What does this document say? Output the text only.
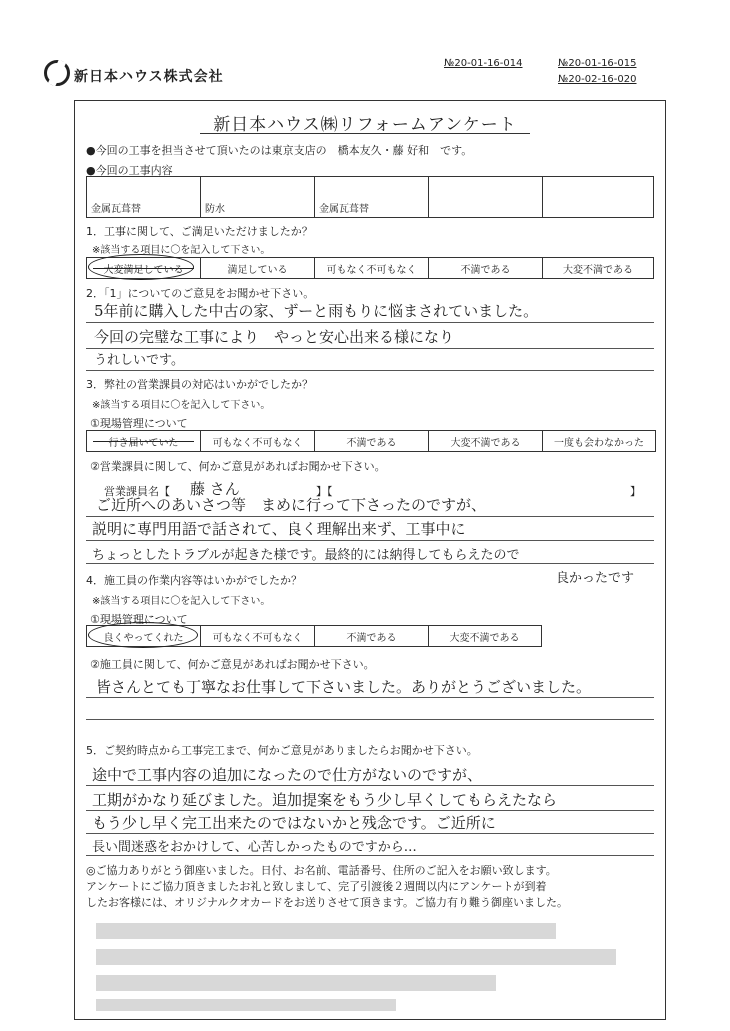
新日本ハウス株式会社
№20-01-16-014	№20-01-16-015
№20-02-16-020
新日本ハウス㈱リフォームアンケート
●今回の工事を担当させて頂いたのは東京支店の　橋本友久・藤 好和　です。
●今回の工事内容
金属瓦葺替	防水	金属瓦葺替
1．工事に関して、ご満足いただけましたか？
※該当する項目に〇を記入して下さい。
大変満足している	満足している	可もなく不可もなく	不満である	大変不満である
2．「1」についてのご意見をお聞かせ下さい。
5年前に購入した中古の家、ずーと雨もりに悩まされていました。
今回の完璧な工事により　やっと安心出来る様になり
うれしいです。
3．弊社の営業課員の対応はいかがでしたか？
※該当する項目に〇を記入して下さい。
①現場管理について
行き届いていた	可もなく不可もなく	不満である	大変不満である	一度も会わなかった
②営業課員に関して、何かご意見があればお聞かせ下さい。
営業課員名【 藤 さん	】【	】
ご近所へのあいさつ等　まめに行って下さったのですが、
説明に専門用語で話されて、良く理解出来ず、工事中に
ちょっとしたトラブルが起きた様です。最終的には納得してもらえたので
良かったです
4．施工員の作業内容等はいかがでしたか？
※該当する項目に〇を記入して下さい。
①現場管理について
良くやってくれた	可もなく不可もなく	不満である	大変不満である
②施工員に関して、何かご意見があればお聞かせ下さい。
皆さんとても丁寧なお仕事して下さいました。ありがとうございました。
5．ご契約時点から工事完工まで、何かご意見がありましたらお聞かせ下さい。
途中で工事内容の追加になったので仕方がないのですが、
工期がかなり延びました。追加提案をもう少し早くしてもらえたなら
もう少し早く完工出来たのではないかと残念です。ご近所に
長い間迷惑をおかけして、心苦しかったものですから…
◎ご協力ありがとう御座いました。日付、お名前、電話番号、住所のご記入をお願い致します。
アンケートにご協力頂きましたお礼と致しまして、完了引渡後２週間以内にアンケートが到着
したお客様には、オリジナルクオカードをお送りさせて頂きます。ご協力有り難う御座いました。
